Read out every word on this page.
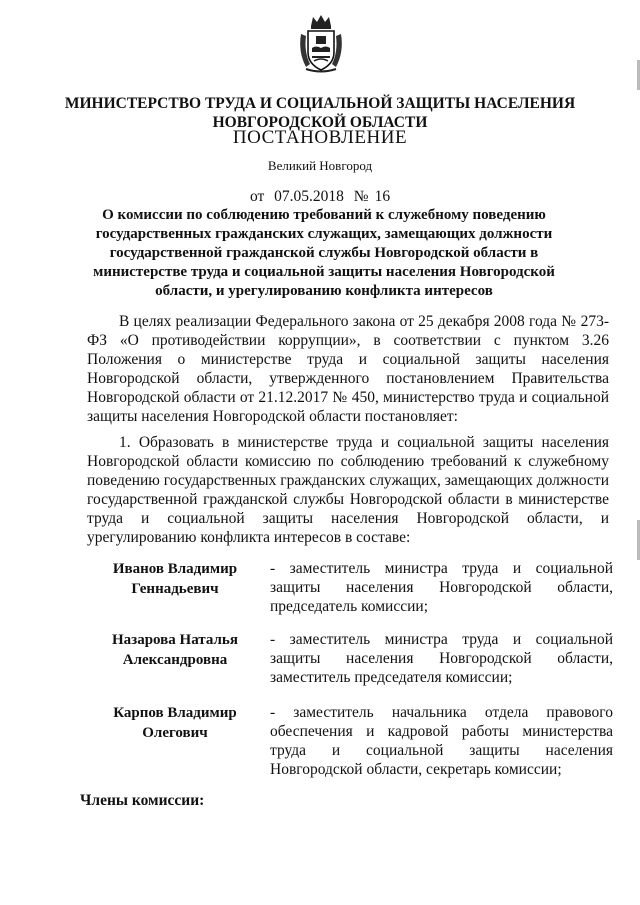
МИНИСТЕРСТВО ТРУДА И СОЦИАЛЬНОЙ ЗАЩИТЫ НАСЕЛЕНИЯ
НОВГОРОДСКОЙ ОБЛАСТИ
ПОСТАНОВЛЕНИЕ
Великий Новгород
от 07.05.2018 № 16
О комиссии по соблюдению требований к служебному поведению государственных гражданских служащих, замещающих должности государственной гражданской службы Новгородской области в министерстве труда и социальной защиты населения Новгородской области, и урегулированию конфликта интересов
В целях реализации Федерального закона от 25 декабря 2008 года № 273-ФЗ «О противодействии коррупции», в соответствии с пунктом 3.26 Положения о министерстве труда и социальной защиты населения Новгородской области, утвержденного постановлением Правительства Новгородской области от 21.12.2017 № 450, министерство труда и социальной защиты населения Новгородской области постановляет:
1. Образовать в министерстве труда и социальной защиты населения Новгородской области комиссию по соблюдению требований к служебному поведению государственных гражданских служащих, замещающих должности государственной гражданской службы Новгородской области в министерстве труда и социальной защиты населения Новгородской области, и урегулированию конфликта интересов в составе:
Иванов Владимир
Геннадьевич
- заместитель министра труда и социальной защиты населения Новгородской области, председатель комиссии;
Назарова Наталья
Александровна
- заместитель министра труда и социальной защиты населения Новгородской области, заместитель председателя комиссии;
Карпов Владимир
Олегович
- заместитель начальника отдела правового обеспечения и кадровой работы министерства труда и социальной защиты населения Новгородской области, секретарь комиссии;
Члены комиссии:
